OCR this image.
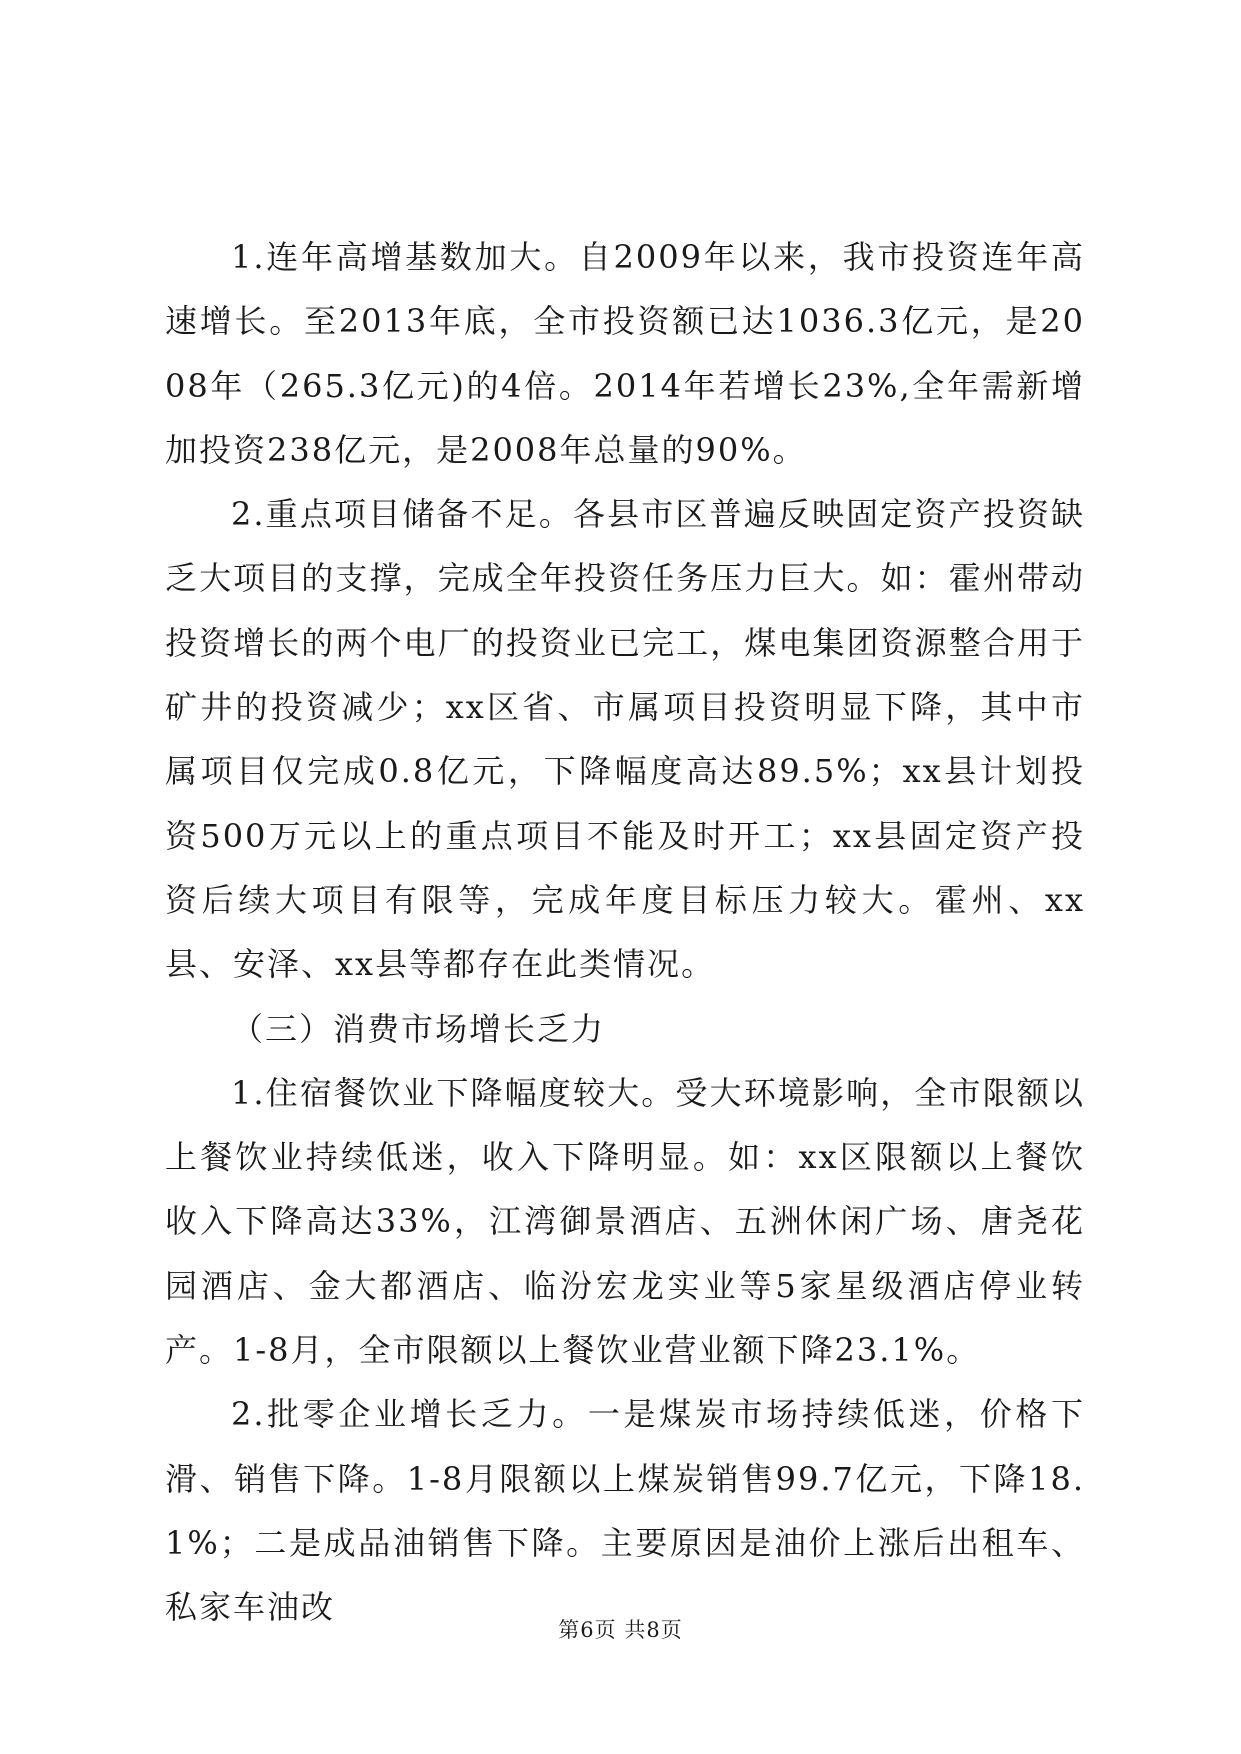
1.连年高增基数加大。自2009年以来，我市投资连年高速增长。至2013年底，全市投资额已达1036.3亿元，是2008年（265.3亿元)的4倍。2014年若增长23%,全年需新增加投资238亿元，是2008年总量的90%。

2.重点项目储备不足。各县市区普遍反映固定资产投资缺乏大项目的支撑，完成全年投资任务压力巨大。如：霍州带动投资增长的两个电厂的投资业已完工，煤电集团资源整合用于矿井的投资减少；xx区省、市属项目投资明显下降，其中市属项目仅完成0.8亿元，下降幅度高达89.5%；xx县计划投资500万元以上的重点项目不能及时开工；xx县固定资产投资后续大项目有限等，完成年度目标压力较大。霍州、xx县、安泽、xx县等都存在此类情况。

（三）消费市场增长乏力

1.住宿餐饮业下降幅度较大。受大环境影响，全市限额以上餐饮业持续低迷，收入下降明显。如：xx区限额以上餐饮收入下降高达33%，江湾御景酒店、五洲休闲广场、唐尧花园酒店、金大都酒店、临汾宏龙实业等5家星级酒店停业转产。1-8月，全市限额以上餐饮业营业额下降23.1%。

2.批零企业增长乏力。一是煤炭市场持续低迷，价格下滑、销售下降。1-8月限额以上煤炭销售99.7亿元，下降18.1%；二是成品油销售下降。主要原因是油价上涨后出租车、私家车油改

第6页 共8页
